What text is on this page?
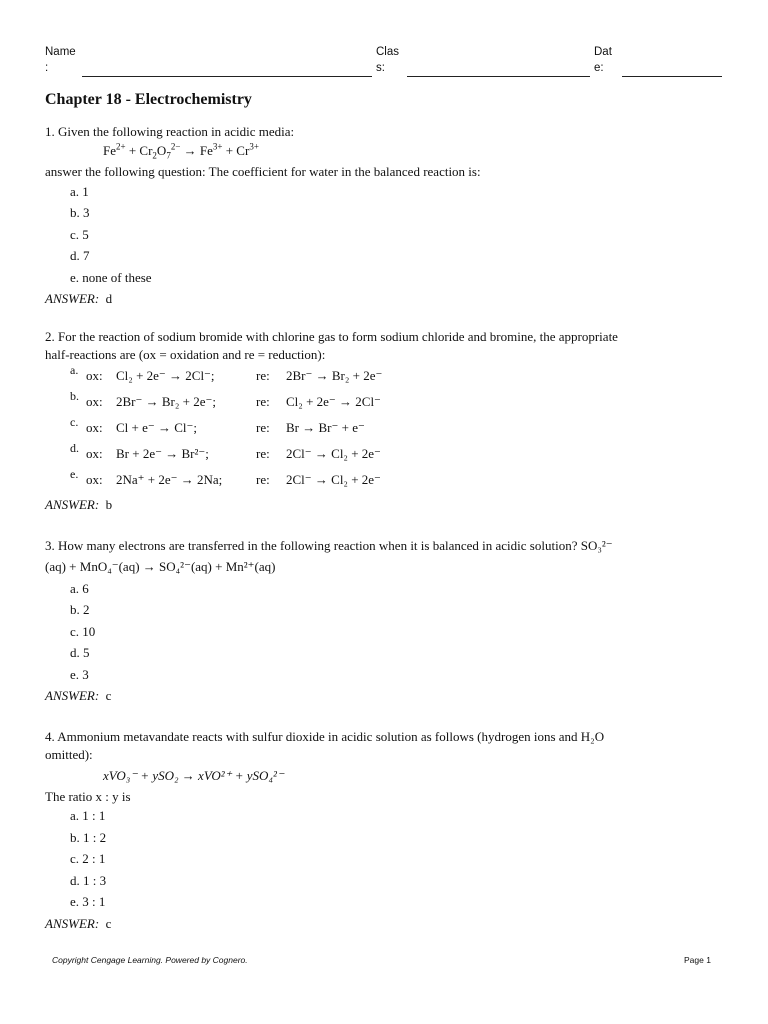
Name
:
Clas
s:
Dat
e:
Chapter 18 - Electrochemistry
1. Given the following reaction in acidic media:
$Fe^{2+} + Cr_2O_7^{2-} \to Fe^{3+} + Cr^{3+}$
answer the following question: The coefficient for water in the balanced reaction is:
a. 1
b. 3
c. 5
d. 7
e. none of these
ANSWER: d
2. For the reaction of sodium bromide with chlorine gas to form sodium chloride and bromine, the appropriate
half-reactions are (ox = oxidation and re = reduction):
a. ox:	Cl₂ + 2e⁻ → 2Cl⁻;	re:	2Br⁻ → Br₂ + 2e⁻
b. ox:	2Br⁻ → Br₂ + 2e⁻;	re:	Cl₂ + 2e⁻ → 2Cl⁻
c. ox:	Cl + e⁻ → Cl⁻;	re:	Br → Br⁻ + e⁻
d. ox:	Br + 2e⁻ → Br²⁻;	re:	2Cl⁻ → Cl₂ + 2e⁻
e. ox:	2Na⁺ + 2e⁻ → 2Na;	re:	2Cl⁻ → Cl₂ + 2e⁻
ANSWER: b
3. How many electrons are transferred in the following reaction when it is balanced in acidic solution? SO₃²⁻
(aq) + MnO₄⁻(aq) → SO₄²⁻(aq) + Mn²⁺(aq)
a. 6
b. 2
c. 10
d. 5
e. 3
ANSWER: c
4. Ammonium metavandate reacts with sulfur dioxide in acidic solution as follows (hydrogen ions and H₂O
omitted):
xVO₃⁻ + ySO₂ → xVO²⁺ + ySO₄²⁻
The ratio x : y is
a. 1 : 1
b. 1 : 2
c. 2 : 1
d. 1 : 3
e. 3 : 1
ANSWER: c
Copyright Cengage Learning. Powered by Cognero.	Page 1
